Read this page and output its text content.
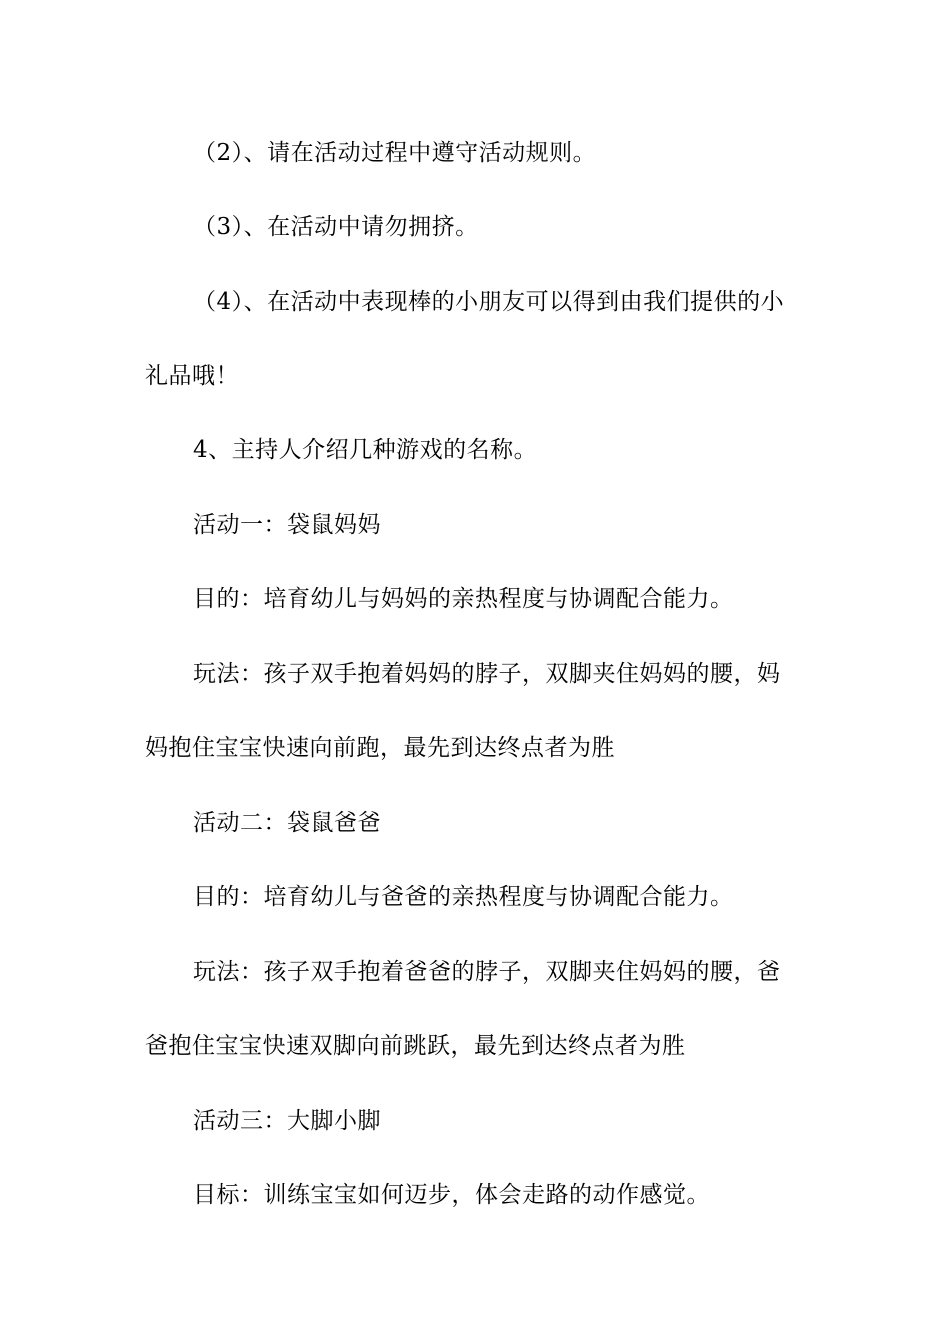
（2）、请在活动过程中遵守活动规则。
（3）、在活动中请勿拥挤。
（4）、在活动中表现棒的小朋友可以得到由我们提供的小
礼品哦！
4、主持人介绍几种游戏的名称。
活动一：袋鼠妈妈
目的：培育幼儿与妈妈的亲热程度与协调配合能力。
玩法：孩子双手抱着妈妈的脖子，双脚夹住妈妈的腰，妈
妈抱住宝宝快速向前跑，最先到达终点者为胜
活动二：袋鼠爸爸
目的：培育幼儿与爸爸的亲热程度与协调配合能力。
玩法：孩子双手抱着爸爸的脖子，双脚夹住妈妈的腰，爸
爸抱住宝宝快速双脚向前跳跃，最先到达终点者为胜
活动三：大脚小脚
目标：训练宝宝如何迈步，体会走路的动作感觉。
